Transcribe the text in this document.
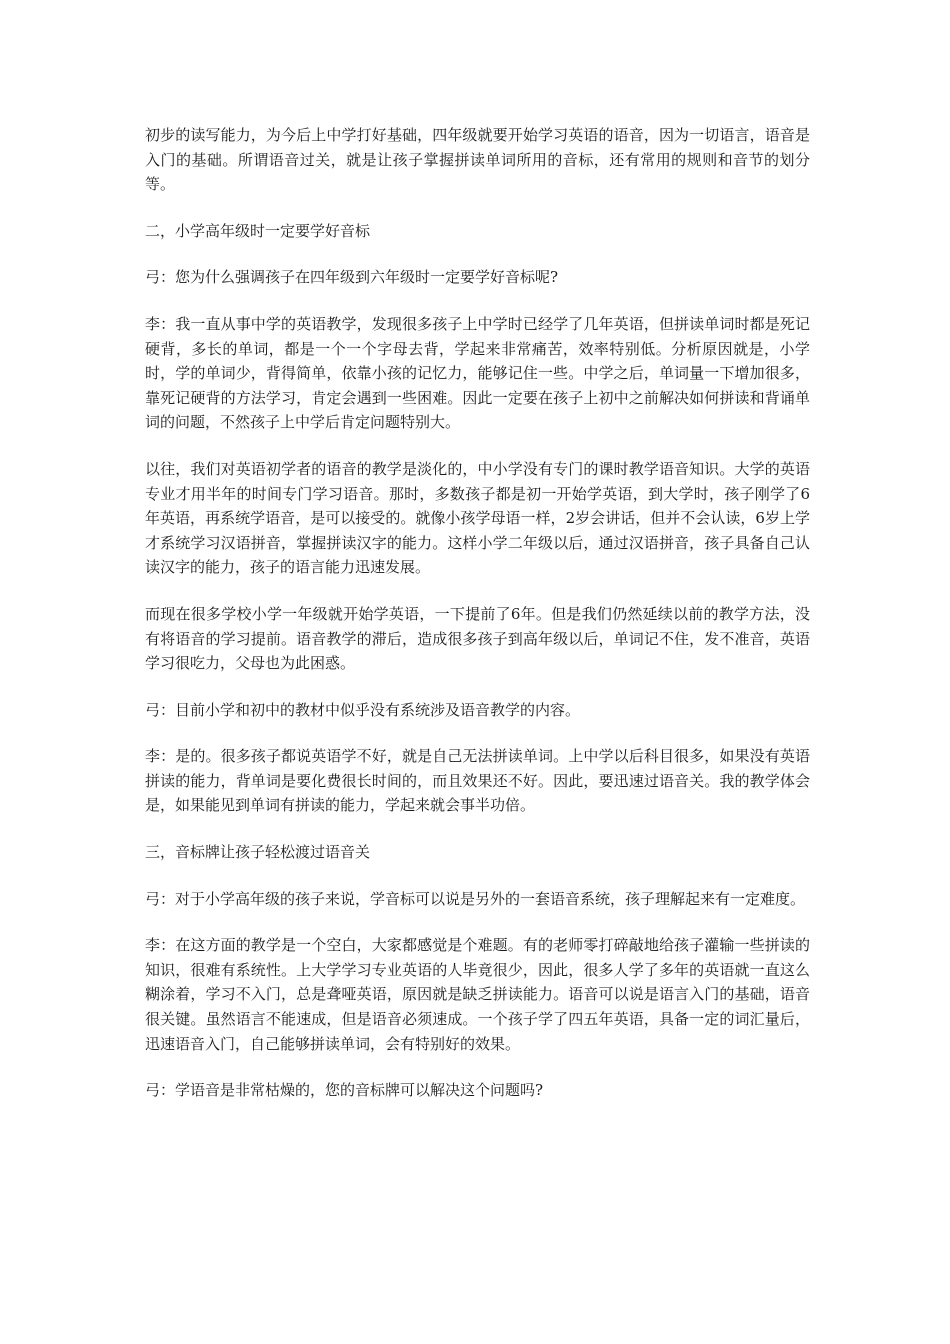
初步的读写能力，为今后上中学打好基础，四年级就要开始学习英语的语音，因为一切语言，语音是入门的基础。所谓语音过关，就是让孩子掌握拼读单词所用的音标，还有常用的规则和音节的划分等。

二，小学高年级时一定要学好音标

弓：您为什么强调孩子在四年级到六年级时一定要学好音标呢?

李：我一直从事中学的英语教学，发现很多孩子上中学时已经学了几年英语，但拼读单词时都是死记硬背，多长的单词，都是一个一个字母去背，学起来非常痛苦，效率特别低。分析原因就是，小学时，学的单词少，背得简单，依靠小孩的记忆力，能够记住一些。中学之后，单词量一下增加很多，靠死记硬背的方法学习，肯定会遇到一些困难。因此一定要在孩子上初中之前解决如何拼读和背诵单词的问题，不然孩子上中学后肯定问题特别大。

以往，我们对英语初学者的语音的教学是淡化的，中小学没有专门的课时教学语音知识。大学的英语专业才用半年的时间专门学习语音。那时，多数孩子都是初一开始学英语，到大学时，孩子刚学了6年英语，再系统学语音，是可以接受的。就像小孩学母语一样，2岁会讲话，但并不会认读，6岁上学才系统学习汉语拼音，掌握拼读汉字的能力。这样小学二年级以后，通过汉语拼音，孩子具备自己认读汉字的能力，孩子的语言能力迅速发展。

而现在很多学校小学一年级就开始学英语，一下提前了6年。但是我们仍然延续以前的教学方法，没有将语音的学习提前。语音教学的滞后，造成很多孩子到高年级以后，单词记不住，发不准音，英语学习很吃力，父母也为此困惑。

弓：目前小学和初中的教材中似乎没有系统涉及语音教学的内容。

李：是的。很多孩子都说英语学不好，就是自己无法拼读单词。上中学以后科目很多，如果没有英语拼读的能力，背单词是要化费很长时间的，而且效果还不好。因此，要迅速过语音关。我的教学体会是，如果能见到单词有拼读的能力，学起来就会事半功倍。

三，音标牌让孩子轻松渡过语音关

弓：对于小学高年级的孩子来说，学音标可以说是另外的一套语音系统，孩子理解起来有一定难度。

李：在这方面的教学是一个空白，大家都感觉是个难题。有的老师零打碎敲地给孩子灌输一些拼读的知识，很难有系统性。上大学学习专业英语的人毕竟很少，因此，很多人学了多年的英语就一直这么糊涂着，学习不入门，总是聋哑英语，原因就是缺乏拼读能力。语音可以说是语言入门的基础，语音很关键。虽然语言不能速成，但是语音必须速成。一个孩子学了四五年英语，具备一定的词汇量后，迅速语音入门，自己能够拼读单词，会有特别好的效果。

弓：学语音是非常枯燥的，您的音标牌可以解决这个问题吗?
